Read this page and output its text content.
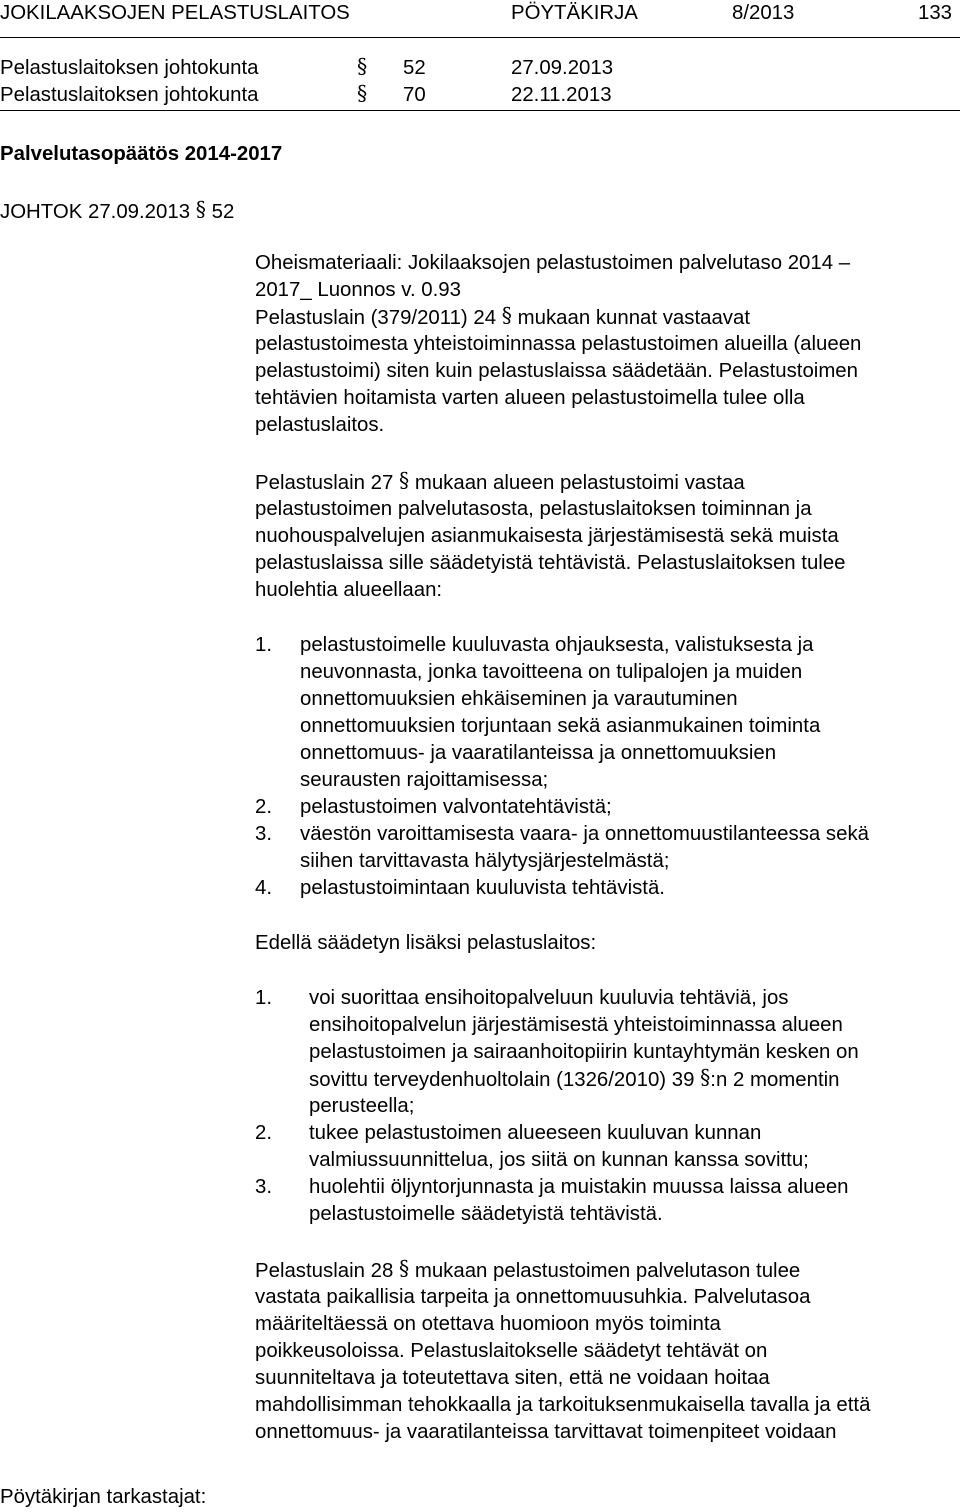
JOKILAAKSOJEN PELASTUSLAITOS	PÖYTÄKIRJA	8/2013	133
Pelastuslaitoksen johtokunta	§ 52	27.09.2013
Pelastuslaitoksen johtokunta	§ 70	22.11.2013
Palvelutasopäätös 2014-2017
JOHTOK 27.09.2013 § 52
Oheismateriaali: Jokilaaksojen pelastustoimen palvelutaso 2014 –
2017_ Luonnos v. 0.93
Pelastuslain (379/2011) 24 § mukaan kunnat vastaavat
pelastustoimesta yhteistoiminnassa pelastustoimen alueilla (alueen
pelastustoimi) siten kuin pelastuslaissa säädetään. Pelastustoimen
tehtävien hoitamista varten alueen pelastustoimella tulee olla
pelastuslaitos.
Pelastuslain 27 § mukaan alueen pelastustoimi vastaa
pelastustoimen palvelutasosta, pelastuslaitoksen toiminnan ja
nuohouspalvelujen asianmukaisesta järjestämisestä sekä muista
pelastuslaissa sille säädetyistä tehtävistä. Pelastuslaitoksen tulee
huolehtia alueellaan:
1. pelastustoimelle kuuluvasta ohjauksesta, valistuksesta ja
neuvonnasta, jonka tavoitteena on tulipalojen ja muiden
onnettomuuksien ehkäiseminen ja varautuminen
onnettomuuksien torjuntaan sekä asianmukainen toiminta
onnettomuus- ja vaaratilanteissa ja onnettomuuksien
seurausten rajoittamisessa;
2. pelastustoimen valvontatehtävistä;
3. väestön varoittamisesta vaara- ja onnettomuustilanteessa sekä
siihen tarvittavasta hälytysjärjestelmästä;
4. pelastustoimintaan kuuluvista tehtävistä.
Edellä säädetyn lisäksi pelastuslaitos:
1. voi suorittaa ensihoitopalveluun kuuluvia tehtäviä, jos
ensihoitopalvelun järjestämisestä yhteistoiminnassa alueen
pelastustoimen ja sairaanhoitopiirin kuntayhtymän kesken on
sovittu terveydenhuoltolain (1326/2010) 39 §:n 2 momentin
perusteella;
2. tukee pelastustoimen alueeseen kuuluvan kunnan
valmiussuunnittelua, jos siitä on kunnan kanssa sovittu;
3. huolehtii öljyntorjunnasta ja muistakin muussa laissa alueen
pelastustoimelle säädetyistä tehtävistä.
Pelastuslain 28 § mukaan pelastustoimen palvelutason tulee
vastata paikallisia tarpeita ja onnettomuusuhkia. Palvelutasoa
määriteltäessä on otettava huomioon myös toiminta
poikkeusoloissa. Pelastuslaitokselle säädetyt tehtävät on
suunniteltava ja toteutettava siten, että ne voidaan hoitaa
mahdollisimman tehokkaalla ja tarkoituksenmukaisella tavalla ja että
onnettomuus- ja vaaratilanteissa tarvittavat toimenpiteet voidaan
Pöytäkirjan tarkastajat:
